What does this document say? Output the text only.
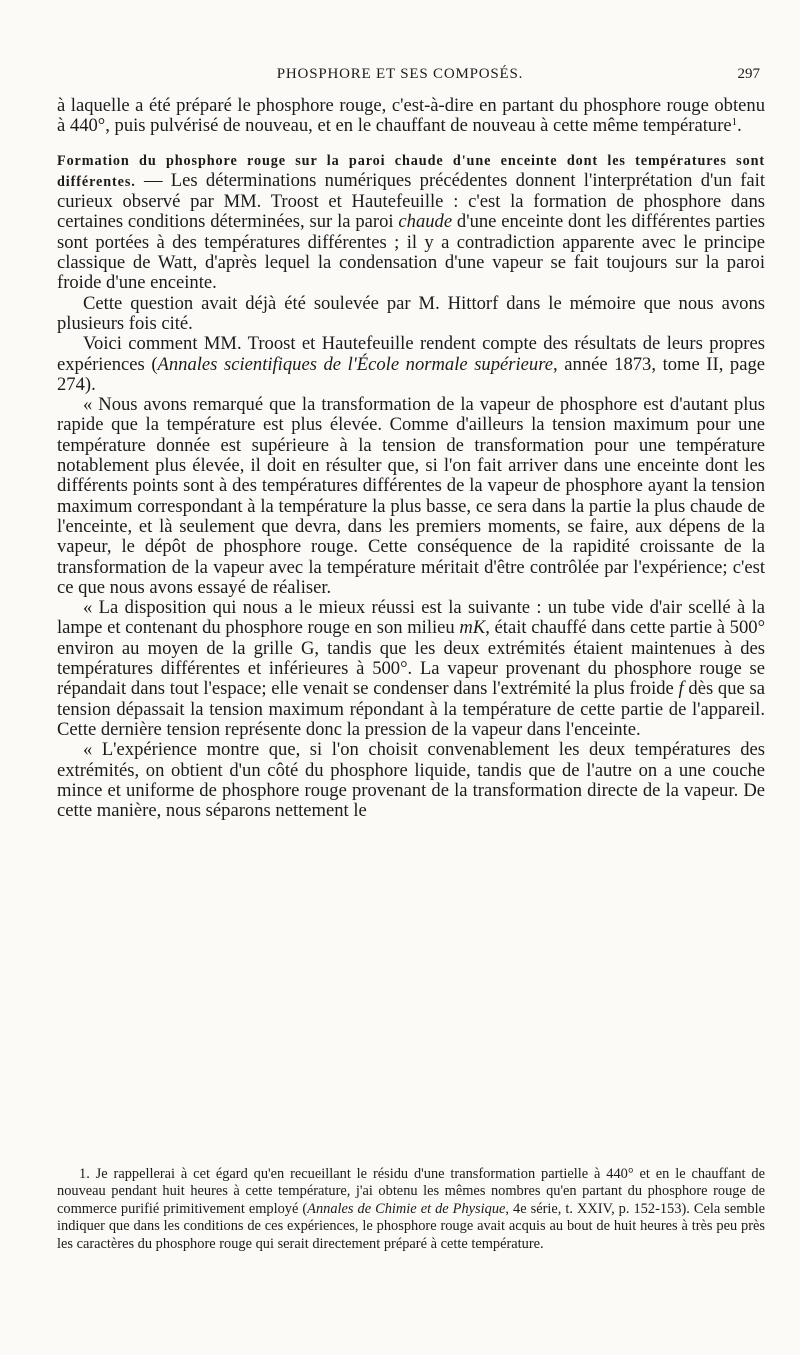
PHOSPHORE ET SES COMPOSÉS.	297

à laquelle a été préparé le phosphore rouge, c'est-à-dire en partant du phosphore rouge obtenu à 440°, puis pulvérisé de nouveau, et en le chauffant de nouveau à cette même température$^1$.

Formation du phosphore rouge sur la paroi chaude d'une enceinte dont les températures sont différentes. — Les déterminations numériques précédentes donnent l'interprétation d'un fait curieux observé par MM. Troost et Hautefeuille : c'est la formation de phosphore dans certaines conditions déterminées, sur la paroi chaude d'une enceinte dont les différentes parties sont portées à des températures différentes ; il y a contradiction apparente avec le principe classique de Watt, d'après lequel la condensation d'une vapeur se fait toujours sur la paroi froide d'une enceinte.

Cette question avait déjà été soulevée par M. Hittorf dans le mémoire que nous avons plusieurs fois cité.

Voici comment MM. Troost et Hautefeuille rendent compte des résultats de leurs propres expériences (Annales scientifiques de l'École normale supérieure, année 1873, tome II, page 274).

« Nous avons remarqué que la transformation de la vapeur de phosphore est d'autant plus rapide que la température est plus élevée. Comme d'ailleurs la tension maximum pour une température donnée est supérieure à la tension de transformation pour une température notablement plus élevée, il doit en résulter que, si l'on fait arriver dans une enceinte dont les différents points sont à des températures différentes de la vapeur de phosphore ayant la tension maximum correspondant à la température la plus basse, ce sera dans la partie la plus chaude de l'enceinte, et là seulement que devra, dans les premiers moments, se faire, aux dépens de la vapeur, le dépôt de phosphore rouge. Cette conséquence de la rapidité croissante de la transformation de la vapeur avec la température méritait d'être contrôlée par l'expérience; c'est ce que nous avons essayé de réaliser.

« La disposition qui nous a le mieux réussi est la suivante : un tube vide d'air scellé à la lampe et contenant du phosphore rouge en son milieu mK, était chauffé dans cette partie à 500° environ au moyen de la grille G, tandis que les deux extrémités étaient maintenues à des températures différentes et inférieures à 500°. La vapeur provenant du phosphore rouge se répandait dans tout l'espace; elle venait se condenser dans l'extrémité la plus froide f dès que sa tension dépassait la tension maximum répondant à la température de cette partie de l'appareil. Cette dernière tension représente donc la pression de la vapeur dans l'enceinte.

« L'expérience montre que, si l'on choisit convenablement les deux températures des extrémités, on obtient d'un côté du phosphore liquide, tandis que de l'autre on a une couche mince et uniforme de phosphore rouge provenant de la transformation directe de la vapeur. De cette manière, nous séparons nettement le

1. Je rappellerai à cet égard qu'en recueillant le résidu d'une transformation partielle à 440° et en le chauffant de nouveau pendant huit heures à cette température, j'ai obtenu les mêmes nombres qu'en partant du phosphore rouge de commerce purifié primitivement employé (Annales de Chimie et de Physique, 4e série, t. XXIV, p. 152-153). Cela semble indiquer que dans les conditions de ces expériences, le phosphore rouge avait acquis au bout de huit heures à très peu près les caractères du phosphore rouge qui serait directement préparé à cette température.
